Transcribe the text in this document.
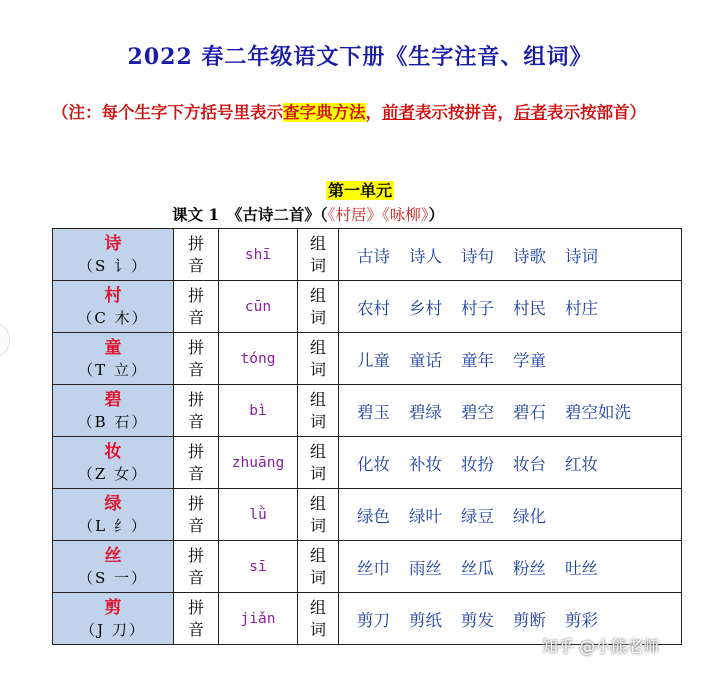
2022 春二年级语文下册《生字注音、组词》
（注：每个生字下方括号里表示查字典方法，前者表示按拼音，后者表示按部首）
第一单元
课文 1　《古诗二首》（《村居》《咏柳》）
诗
（S 讠）	拼音	shī	组词	古诗 诗人 诗句 诗歌 诗词

村
（C 木）	拼音	cūn	组词	农村 乡村 村子 村民 村庄

童
（T 立）	拼音	tóng	组词	儿童 童话 童年 学童

碧
（B 石）	拼音	bì	组词	碧玉 碧绿 碧空 碧石 碧空如洗

妆
（Z 女）	拼音	zhuāng	组词	化妆 补妆 妆扮 妆台 红妆

绿
（L 纟）	拼音	lǜ	组词	绿色 绿叶 绿豆 绿化

丝
（S 一）	拼音	sī	组词	丝巾 雨丝 丝瓜 粉丝 吐丝

剪
（J 刀）	拼音	jiǎn	组词	剪刀 剪纸 剪发 剪断 剪彩
知乎 @小熊老师
